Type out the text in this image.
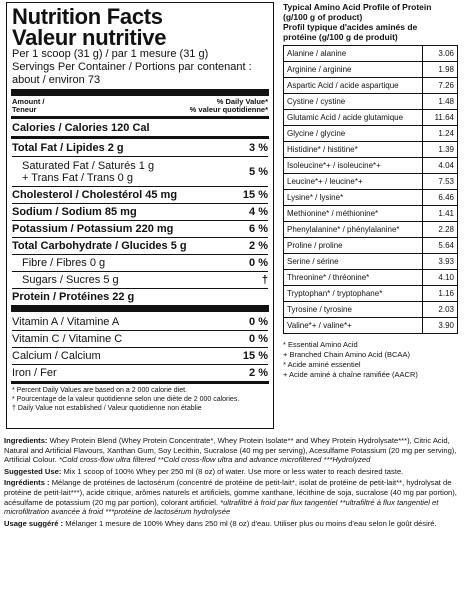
Nutrition Facts
Valeur nutritive
Per 1 scoop (31 g) / par 1 mesure (31 g)
Servings Per Container / Portions par contenant :
about / environ 73
Amount /
Teneur
% Daily Value*
% valeur quotidienne*
Calories / Calories 120 Cal
Total Fat / Lipides 2 g	3 %
Saturated Fat / Saturés 1 g
+ Trans Fat / Trans 0 g	5 %
Cholesterol / Cholestérol 45 mg	15 %
Sodium / Sodium 85 mg	4 %
Potassium / Potassium 220 mg	6 %
Total Carbohydrate / Glucides 5 g	2 %
Fibre / Fibres 0 g	0 %
Sugars / Sucres 5 g	†
Protein / Protéines 22 g
Vitamin A / Vitamine A	0 %
Vitamin C / Vitamine C	0 %
Calcium / Calcium	15 %
Iron / Fer	2 %
* Percent Daily Values are based on a 2 000 calorie diet.
* Pourcentage de la valeur quotidienne selon une diète de 2 000 calories.
† Daily Value not established / Valeur quotidienne non établie
Typical Amino Acid Profile of Protein
(g/100 g of product)
Profil typique d'acides aminés de
protéine (g/100 g de produit)
Alanine / alanine	3.06
Arginine / arginine	1.98
Aspartic Acid / acide aspartique	7.26
Cystine / cystine	1.48
Glutamic Acid / acide glutamique	11.64
Glycine / glycine	1.24
Histidine* / histitine*	1.39
Isoleucine*+ / isoleucine*+	4.04
Leucine*+ / leucine*+	7.53
Lysine* / lysine*	6.46
Methionine* / méthionine*	1.41
Phenylalanine* / phénylalanine*	2.28
Proline / proline	5.64
Serine / sérine	3.93
Threonine* / thréonine*	4.10
Tryptophan* / tryptophane*	1.16
Tyrosine / tyrosine	2.03
Valine*+ / valine*+	3.90
* Essential Amino Acid
+ Branched Chain Amino Acid (BCAA)
* Acide aminé essentiel
+ Acide aminé à chaîne ramifiée (AACR)

Ingredients: Whey Protein Blend (Whey Protein Concentrate*, Whey Protein Isolate** and Whey Protein Hydrolysate***), Citric Acid, Natural and Artificial Flavours, Xanthan Gum, Soy Lecithin, Sucralose (40 mg per serving), Acesulfame Potassium (20 mg per serving), Artificial Colour. *Cold cross-flow ultra filtered **Cold cross-flow ultra and advance microfiltered ***Hydrolyzed

Suggested Use: Mix 1 scoop of 100% Whey per 250 ml (8 oz) of water. Use more or less water to reach desired taste.

Ingrédients : Mélange de protéines de lactosérum (concentré de protéine de petit-lait*, isolat de protéine de petit-lait**, hydrolysat de protéine de petit-lait***), acide citrique, arômes naturels et artificiels, gomme xanthane, lécithine de soja, sucralose (40 mg par portion), acésulfame de potassium (20 mg par portion), colorant artificiel. *ultrafiltré à froid par flux tangentiel **ultrafiltré à flux tangentiel et microfiltration avancée à froid ***protéine de lactosérum hydrolysée

Usage suggéré : Mélanger 1 mesure de 100% Whey dans 250 ml (8 oz) d'eau. Utiliser plus ou moins d'eau selon le goût désiré.
